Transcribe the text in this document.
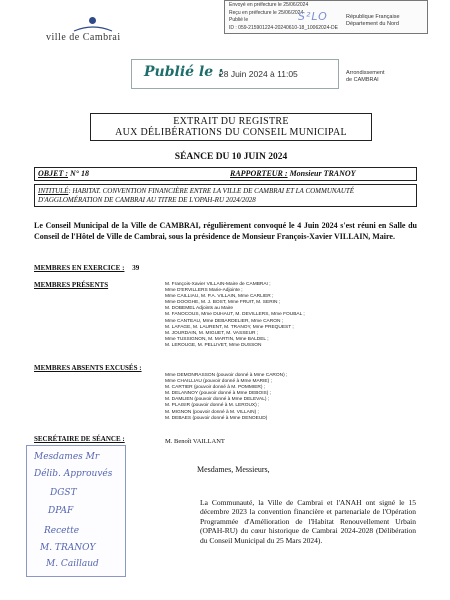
Envoyé en préfecture le 25/06/2024
Reçu en préfecture le 25/06/2024
Publié le
ID : 059-215901224-20240610-18_10062024-DE
S²LO	République Française
Département du Nord
ville de Cambrai
Publié le :
28 Juin 2024 à 11:05	Arrondissement
de CAMBRAI
EXTRAIT DU REGISTRE
AUX DÉLIBÉRATIONS DU CONSEIL MUNICIPAL
SÉANCE DU 10 JUIN 2024
OBJET : N° 18	RAPPORTEUR : Monsieur TRANOY
INTITULÉ: HABITAT. CONVENTION FINANCIÈRE ENTRE LA VILLE DE CAMBRAI ET LA COMMUNAUTÉ D'AGGLOMÉRATION DE CAMBRAI AU TITRE DE L'OPAH-RU 2024/2028
Le Conseil Municipal de la Ville de CAMBRAI, régulièrement convoqué le 4 Juin 2024 s'est réuni en Salle du Conseil de l'Hôtel de Ville de Cambrai, sous la présidence de Monsieur François-Xavier VILLAIN, Maire.
MEMBRES EN EXERCICE : 39
MEMBRES PRÉSENTS	M. François-Xavier VILLAIN-Maire de CAMBRAI ;
Mme D'ERVILLERS Marie-Adjointe ;
Mme CAILLIAU, M. P.A. VILLAIN, Mme CARLIER ;
Mme DOOGHE, M. J. BOST, Mme FRUIT, M. SERIN ;
M. DOBEMEL Adjoints au Maire
M. FANOCOUS, Mme DUHAUT, M. DEVILLERS, Mme FOUBAL ;
Mme CANTEAU, Mme DEBARDELIER, Mme CARON ;
M. LAFAGE, M. LAURENT, M. TRANOY, Mme PREQUEST ;
M. JOURDAIN, M. MIGUET, M. VASSEUR ;
Mme TUSSIGNON, M. MARTIN, Mme BALDEL ;
M. LEROUGE, M. PELLIVET, Mme DUSSON
MEMBRES ABSENTS EXCUSÉS :
Mme DEMONRASSON (pouvoir donné à Mme CARON) ;
Mme CHAILLIAU (pouvoir donné à Mme MARIE) ;
M. CARTIER (pouvoir donné à M. POMMIER) ;
M. DELANNOY (pouvoir donné à Mme DEBOIS) ;
M. DAMLIEN (pouvoir donné à Mme DELEVAL) ;
M. PLAISIR (pouvoir donné à M. LEROUX) ;
M. MIGNON (pouvoir donné à M. VILLAIN) ;
M. DEBAES (pouvoir donné à Mme DENOEUD)
SECRÉTAIRE DE SÉANCE :	M. Benoît VAILLANT
Mesdames Mr
Délib. Approuvés
DGST
DPAF
Recette
M. TRANOY
M. Caillaud
Mesdames, Messieurs,
La Communauté, la Ville de Cambrai et l'ANAH ont signé le 15 décembre 2023 la convention financière et partenariale de l'Opération Programmée d'Amélioration de l'Habitat Renouvellement Urbain (OPAH-RU) du cœur historique de Cambrai 2024-2028 (Délibération du Conseil Municipal du 25 Mars 2024).
